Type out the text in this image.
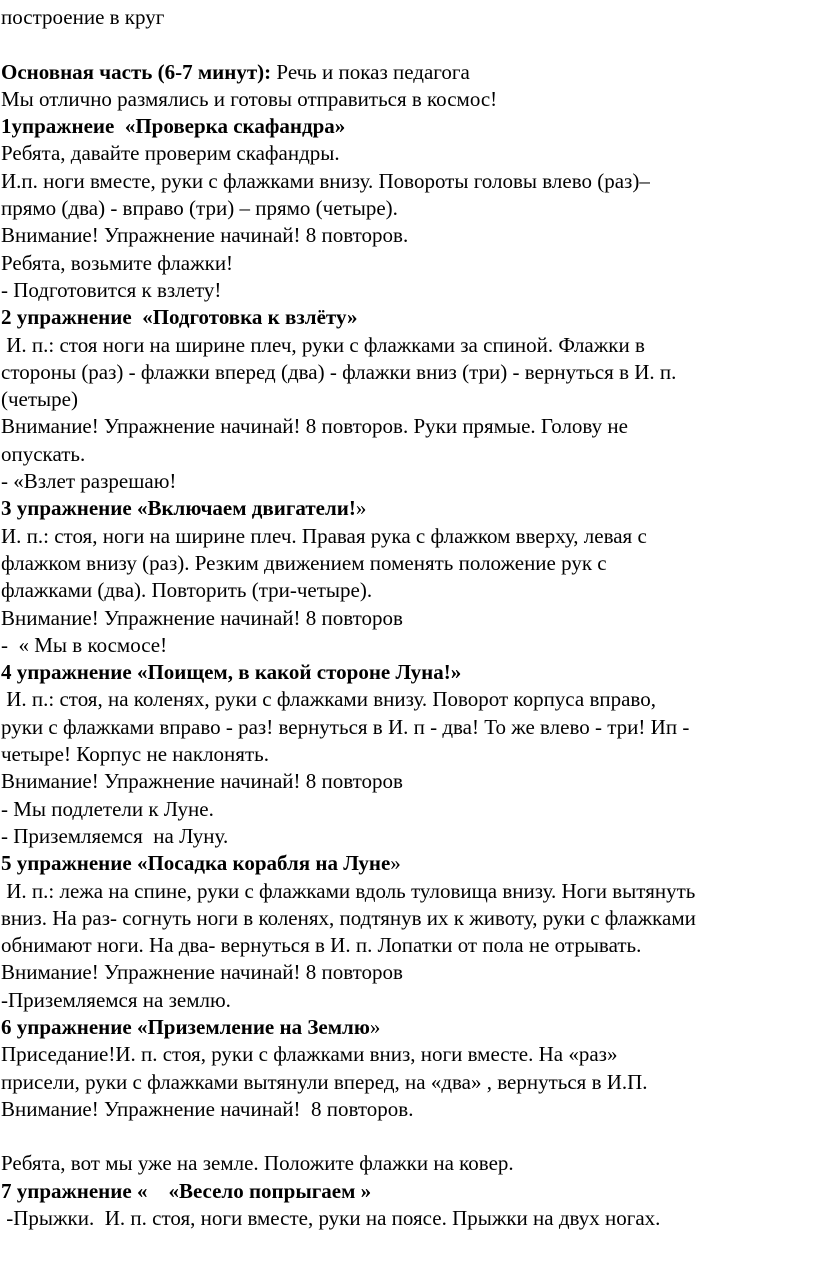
построение в круг

Основная часть (6-7 минут): Речь и показ педагога

Мы отлично размялись и готовы отправиться в космос!

1упражнеие  «Проверка скафандра»

Ребята, давайте проверим скафандры.

И.п. ноги вместе, руки с флажками внизу. Повороты головы влево (раз)–

прямо (два) - вправо (три) – прямо (четыре).

Внимание! Упражнение начинай! 8 повторов.

Ребята, возьмите флажки!

- Подготовится к взлету!

2 упражнение  «Подготовка к взлёту»

И. п.: стоя ноги на ширине плеч, руки с флажками за спиной. Флажки в

стороны (раз) - флажки вперед (два) - флажки вниз (три) - вернуться в И. п.

(четыре)

Внимание! Упражнение начинай! 8 повторов. Руки прямые. Голову не

опускать.

- «Взлет разрешаю!

3 упражнение «Включаем двигатели!»

И. п.: стоя, ноги на ширине плеч. Правая рука с флажком вверху, левая с

флажком внизу (раз). Резким движением поменять положение рук с

флажками (два). Повторить (три-четыре).

Внимание! Упражнение начинай! 8 повторов

-  « Мы в космосе!

4 упражнение «Поищем, в какой стороне Луна!»

И. п.: стоя, на коленях, руки с флажками внизу. Поворот корпуса вправо,

руки с флажками вправо - раз! вернуться в И. п - два! То же влево - три! Ип -

четыре! Корпус не наклонять.

Внимание! Упражнение начинай! 8 повторов

- Мы подлетели к Луне.

- Приземляемся  на Луну.

5 упражнение «Посадка корабля на Луне»

И. п.: лежа на спине, руки с флажками вдоль туловища внизу. Ноги вытянуть

вниз. На раз- согнуть ноги в коленях, подтянув их к животу, руки с флажками

обнимают ноги. На два- вернуться в И. п. Лопатки от пола не отрывать.

Внимание! Упражнение начинай! 8 повторов

-Приземляемся на землю.

6 упражнение «Приземление на Землю»

Приседание!И. п. стоя, руки с флажками вниз, ноги вместе. На «раз»

присели, руки с флажками вытянули вперед, на «два» , вернуться в И.П.

Внимание! Упражнение начинай!  8 повторов.

Ребята, вот мы уже на земле. Положите флажки на ковер.

7 упражнение «    «Весело попрыгаем »

-Прыжки.  И. п. стоя, ноги вместе, руки на поясе. Прыжки на двух ногах.
